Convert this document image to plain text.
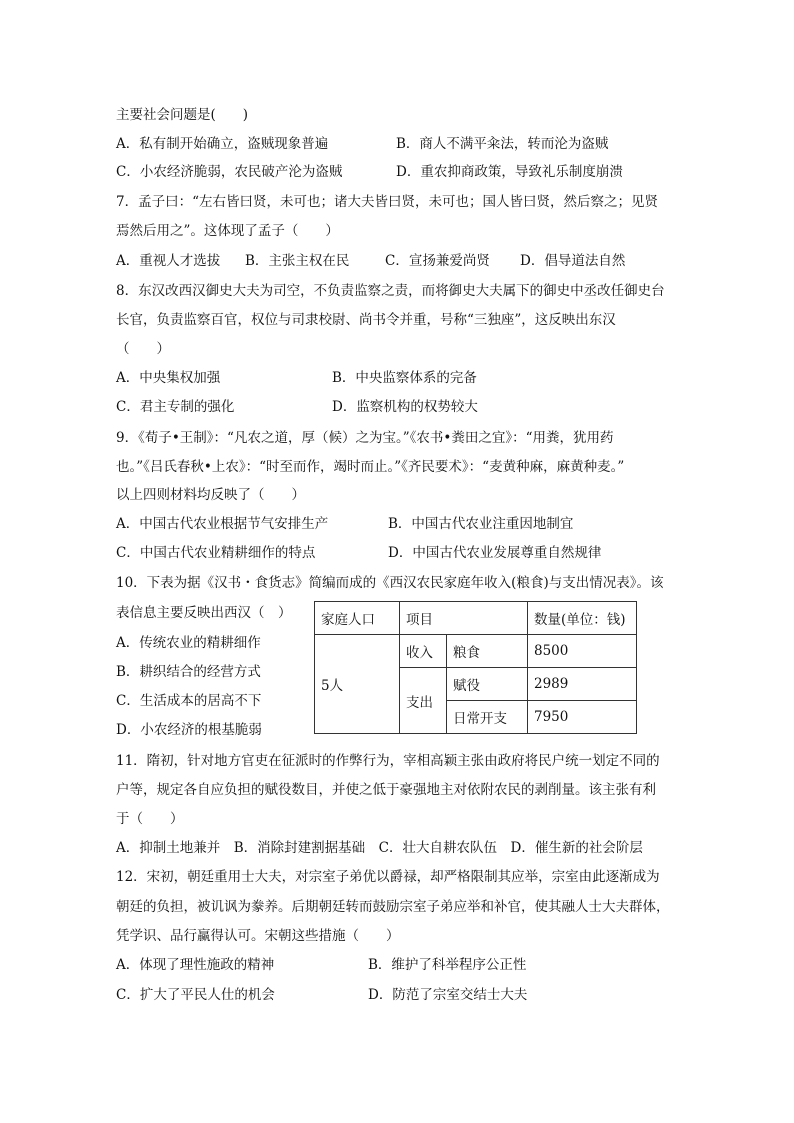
主要社会问题是(　　)
A．私有制开始确立，盗贼现象普遍	B．商人不满平籴法，转而沦为盗贼
C．小农经济脆弱，农民破产沦为盗贼	D．重农抑商政策，导致礼乐制度崩溃
7．孟子曰：“左右皆曰贤，未可也；诸大夫皆曰贤，未可也；国人皆曰贤，然后察之；见贤
焉然后用之”。这体现了孟子（　　）
A．重视人才选拔 B．主张主权在民	C．宣扬兼爱尚贤 D．倡导道法自然
8．东汉改西汉御史大夫为司空，不负责监察之责，而将御史大夫属下的御史中丞改任御史台
长官，负责监察百官，权位与司隶校尉、尚书令并重，号称“三独座”，这反映出东汉
（　　）
A．中央集权加强	B．中央监察体系的完备
C．君主专制的强化	D．监察机构的权势较大
9．《荀子•王制》：“凡农之道，厚（候）之为宝。”《农书•粪田之宜》：“用粪，犹用药
也。”《吕氏春秋•上农》：“时至而作，竭时而止。”《齐民要术》：“麦黄种麻，麻黄种麦。”
以上四则材料均反映了（　　）
A．中国古代农业根据节气安排生产	B．中国古代农业注重因地制宜
C．中国古代农业精耕细作的特点	D．中国古代农业发展尊重自然规律
10．下表为据《汉书・食货志》简编而成的《西汉农民家庭年收入(粮食)与支出情况表》。该
表信息主要反映出西汉（　）
A．传统农业的精耕细作
B．耕织结合的经营方式
C．生活成本的居高不下
D．小农经济的根基脆弱
家庭人口	项目		数量(单位：钱)
5人	收入	粮食	8500
	支出	赋役	2989
		日常开支	7950
11．隋初，针对地方官吏在征派时的作弊行为，宰相高颖主张由政府将民户统一划定不同的
户等，规定各自应负担的赋役数目，并使之低于豪强地主对依附农民的剥削量。该主张有利
于（　　）
A．抑制土地兼并　B．消除封建割据基础　C．壮大自耕农队伍　D．催生新的社会阶层
12．宋初，朝廷重用士大夫，对宗室子弟优以爵禄，却严格限制其应举，宗室由此逐渐成为
朝廷的负担，被讥讽为豢养。后期朝廷转而鼓励宗室子弟应举和补官，使其融人士大夫群体，
凭学识、品行赢得认可。宋朝这些措施（　　）
A．体现了理性施政的精神	B．维护了科举程序公正性
C．扩大了平民人仕的机会	D．防范了宗室交结士大夫
